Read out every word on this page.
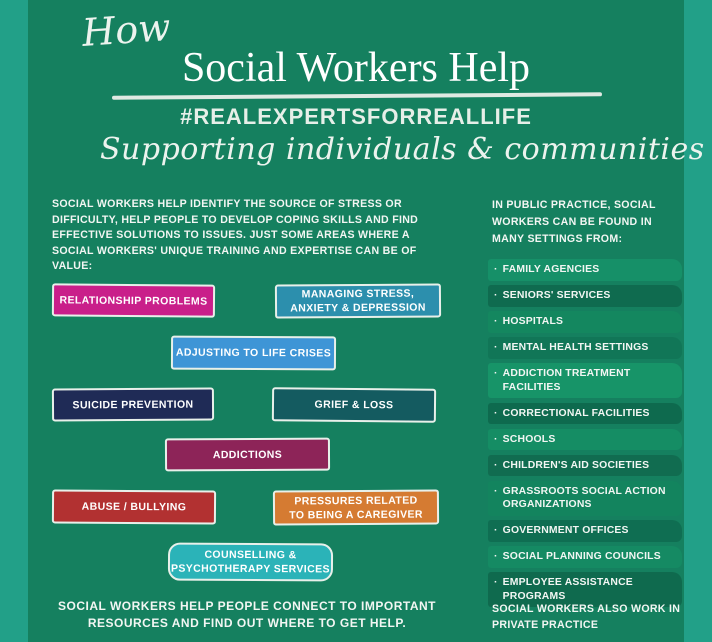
How
Social Workers Help
#REALEXPERTSFORREALLIFE
Supporting individuals & communities
SOCIAL WORKERS HELP IDENTIFY THE SOURCE OF STRESS OR DIFFICULTY, HELP PEOPLE TO DEVELOP COPING SKILLS AND FIND EFFECTIVE SOLUTIONS TO ISSUES. JUST SOME AREAS WHERE A SOCIAL WORKERS' UNIQUE TRAINING AND EXPERTISE CAN BE OF VALUE:
IN PUBLIC PRACTICE, SOCIAL WORKERS CAN BE FOUND IN MANY SETTINGS FROM:
RELATIONSHIP PROBLEMS	MANAGING STRESS,
ANXIETY & DEPRESSION
ADJUSTING TO LIFE CRISES
SUICIDE PREVENTION	GRIEF & LOSS
ADDICTIONS
ABUSE / BULLYING
PRESSURES RELATED
TO BEING A CAREGIVER
COUNSELLING &
PSYCHOTHERAPY SERVICES
· FAMILY AGENCIES
· SENIORS' SERVICES
· HOSPITALS
· MENTAL HEALTH SETTINGS
· ADDICTION TREATMENT FACILITIES
· CORRECTIONAL FACILITIES
· SCHOOLS
· CHILDREN'S AID SOCIETIES
· GRASSROOTS SOCIAL ACTION ORGANIZATIONS
· GOVERNMENT OFFICES
· SOCIAL PLANNING COUNCILS
· EMPLOYEE ASSISTANCE PROGRAMS
SOCIAL WORKERS HELP PEOPLE CONNECT TO IMPORTANT
RESOURCES AND FIND OUT WHERE TO GET HELP.
SOCIAL WORKERS ALSO WORK IN PRIVATE PRACTICE
